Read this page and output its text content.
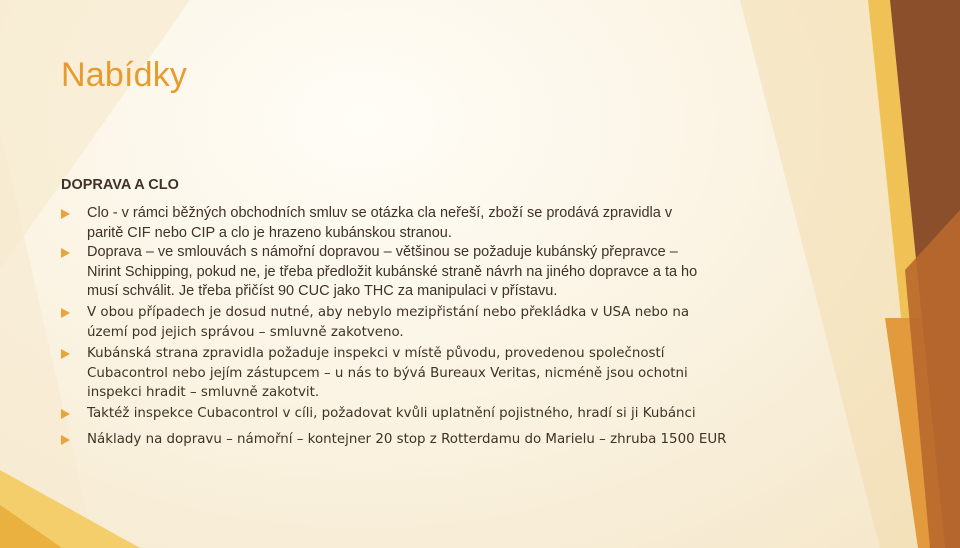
Nabídky
DOPRAVA A CLO
Clo - v rámci běžných obchodních smluv se otázka cla neřeší, zboží se prodává zpravidla v paritě CIF nebo CIP a clo je hrazeno kubánskou stranou.
Doprava – ve smlouvách s námořní dopravou – většinou se požaduje kubánský přepravce – Nirint Schipping, pokud ne, je třeba předložit kubánské straně návrh na jiného dopravce a ta ho musí schválit. Je třeba přičíst 90 CUC jako THC za manipulaci v přístavu.
V obou případech je dosud nutné, aby nebylo mezipřistání nebo překládka v USA nebo na území pod jejich správou – smluvně zakotveno.
Kubánská strana zpravidla požaduje inspekci v místě původu, provedenou společností Cubacontrol nebo jejím zástupcem – u nás to bývá Bureaux Veritas, nicméně jsou ochotni inspekci hradit – smluvně zakotvit.
Taktéž inspekce Cubacontrol v cíli, požadovat kvůli uplatnění pojistného, hradí si ji Kubánci
Náklady na dopravu – námořní – kontejner 20 stop z Rotterdamu do Marielu – zhruba 1500 EUR
